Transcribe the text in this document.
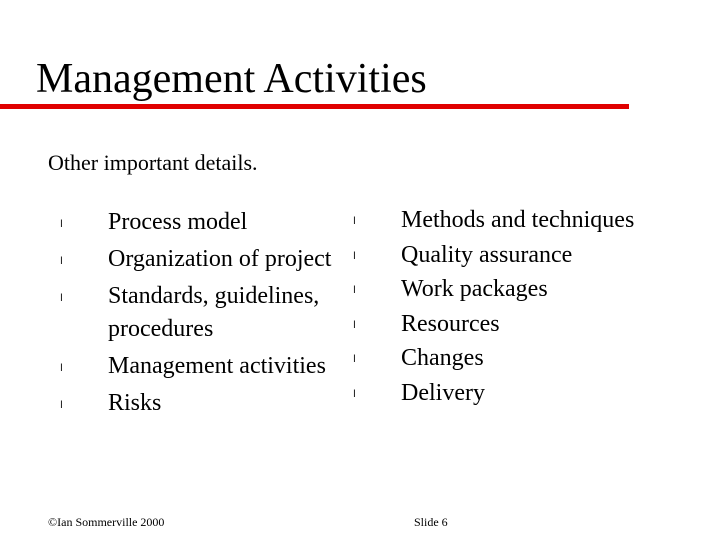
Management Activities
Other important details.
l Process model
l Organization of project
l Standards, guidelines,
procedures
l Management activities
l Risks
l Methods and techniques
l Quality assurance
l Work packages
l Resources
l Changes
l Delivery
©Ian Sommerville 2000	Slide 6
